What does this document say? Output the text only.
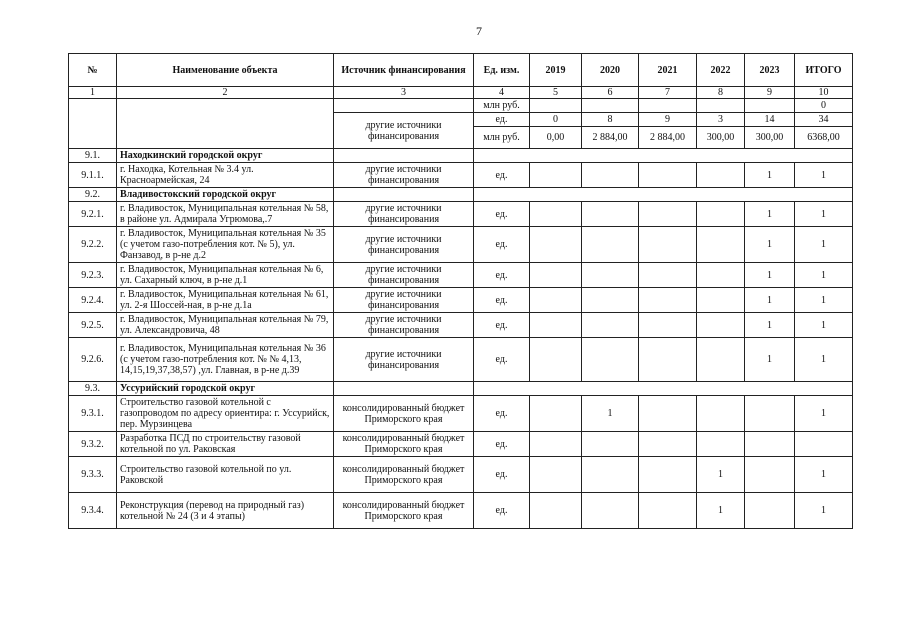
7
№	Наименование объекта	Источник финансирования	Ед. изм.	2019	2020	2021	2022	2023	ИТОГО
1	2	3	4	5	6	7	8	9	10
			млн руб.						0
		другие источники финансирования	ед.	0	8	9	3	14	34
			млн руб.	0,00	2 884,00	2 884,00	300,00	300,00	6368,00
9.1.	Находкинский городской округ								
9.1.1.	г. Находка, Котельная № 3.4 ул. Красноармейская, 24	другие источники финансирования	ед.					1	1
9.2.	Владивостокский городской округ								
9.2.1.	г. Владивосток, Муниципальная котельная № 58, в районе ул. Адмирала Угрюмова,.7	другие источники финансирования	ед.					1	1
9.2.2.	г. Владивосток, Муниципальная котельная № 35 (с учетом газо-потребления кот. № 5), ул. Фанзавод, в р-не д.2	другие источники финансирования	ед.					1	1
9.2.3.	г. Владивосток, Муниципальная котельная № 6, ул. Сахарный ключ, в р-не д.1	другие источники финансирования	ед.					1	1
9.2.4.	г. Владивосток, Муниципальная котельная № 61, ул. 2-я Шоссей-ная, в р-не д.1а	другие источники финансирования	ед.					1	1
9.2.5.	г. Владивосток, Муниципальная котельная № 79, ул. Александровича, 48	другие источники финансирования	ед.					1	1
9.2.6.	г. Владивосток, Муниципальная котельная № 36 (с учетом газо-потребления кот. № № 4,13, 14,15,19,37,38,57) ,ул. Главная, в р-не д.39	другие источники финансирования	ед.					1	1
9.3.	Уссурийский городской округ								
9.3.1.	Строительство газовой котельной с газопроводом по адресу ориентира: г. Уссурийск, пер. Мурзинцева	консолидированный бюджет Приморского края	ед.		1				1
9.3.2.	Разработка ПСД по строительству газовой котельной по ул. Раковская	консолидированный бюджет Приморского края	ед.						
9.3.3.	Строительство газовой котельной по ул. Раковской	консолидированный бюджет Приморского края	ед.				1		1
9.3.4.	Реконструкция (перевод на природный газ) котельной № 24 (3 и 4 этапы)	консолидированный бюджет Приморского края	ед.				1		1
